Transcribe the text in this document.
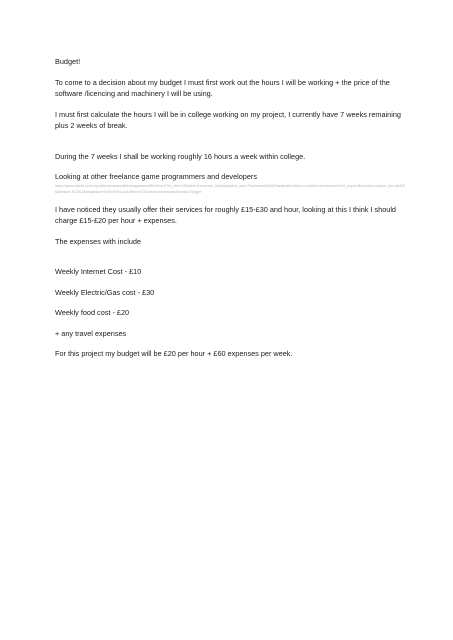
Budget!

To come to a decision about my budget I must first work out the hours I will be working + the price of the software /licencing and machinery I will be using.

I must first calculate the hours I will be in college working on my project, I currently have 7 weeks remaining plus 2 weeks of break.

During the 7 weeks I shall be working roughly 16 hours a week within college.

Looking at other freelance game programmers and developers

https://www.odesk.com/o/profiles/browse/skills/programmer/fb/1/hrs/1/?nt_cfm=US&dtrk=Consumer_India&ads&crt_adp=Freelancer&ADM%adtmaint-ifbloe.com&ket=&mesearch&%rt_acpnb-Brin.menu.ioa&sn_bw=4IzM2&&lmsore-b1ZKIZ&ehjakosoer%20of%f2Cos&eRbu%20Guirtomcrusrmsrutsheon&w?o(ogre

I have noticed they usually offer their services for roughly £15-£30 and hour, looking at this I think I should charge £15-£20 per hour + expenses.

The expenses with include

Weekly Internet Cost - £10

Weekly Electric/Gas cost - £30

Weekly food cost - £20

+ any travel expenses

For this project my budget will be £20 per hour + £60 expenses per week.
